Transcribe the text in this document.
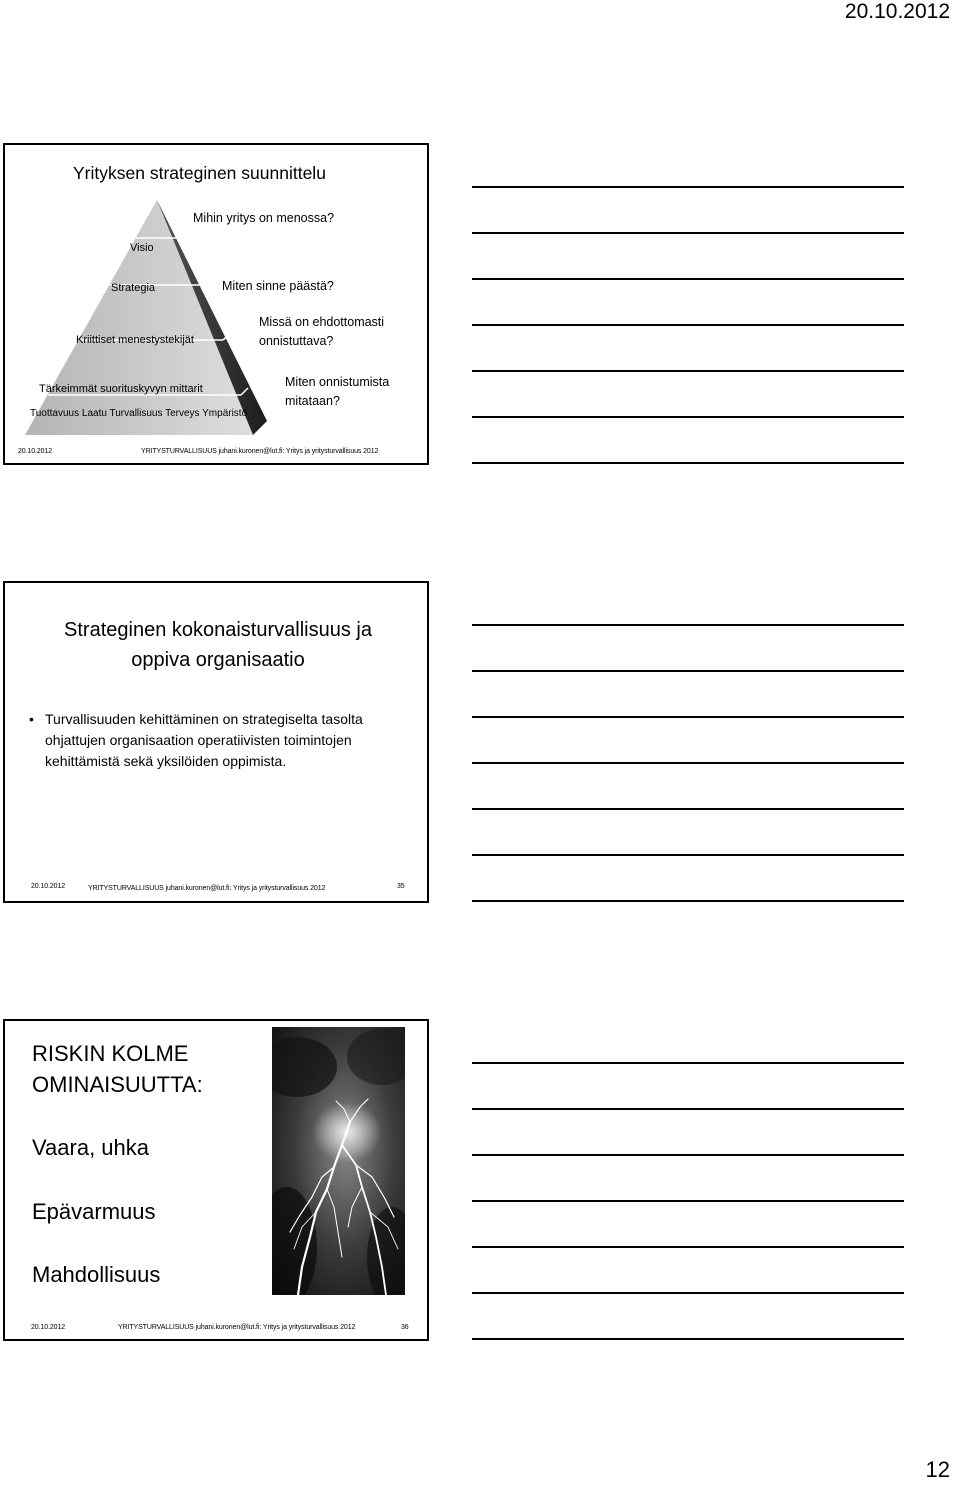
20.10.2012
Yrityksen strateginen suunnittelu
Visio
Strategia
Kriittiset menestystekijät
Tärkeimmät suorituskyvyn mittarit
Tuottavuus Laatu Turvallisuus Terveys Ympäristö
Mihin yritys on menossa?
Miten sinne päästä?
Missä on ehdottomasti onnistuttava?
Miten onnistumista mitataan?
20.10.2012	YRITYSTURVALLISUUS juhani.kuronen@lut.fi: Yritys ja yritysturvallisuus 2012
Strateginen kokonaisturvallisuus ja
oppiva organisaatio
• Turvallisuuden kehittäminen on strategiselta tasolta ohjattujen organisaation operatiivisten toimintojen kehittämistä sekä yksilöiden oppimista.
20.10.2012	YRITYSTURVALLISUUS juhani.kuronen@lut.fi: Yritys ja yritysturvallisuus 2012	35
RISKIN KOLME
OMINAISUUTTA:
Vaara, uhka
Epävarmuus
Mahdollisuus
20.10.2012	YRITYSTURVALLISUUS juhani.kuronen@lut.fi: Yritys ja yritysturvallisuus 2012	36
12
